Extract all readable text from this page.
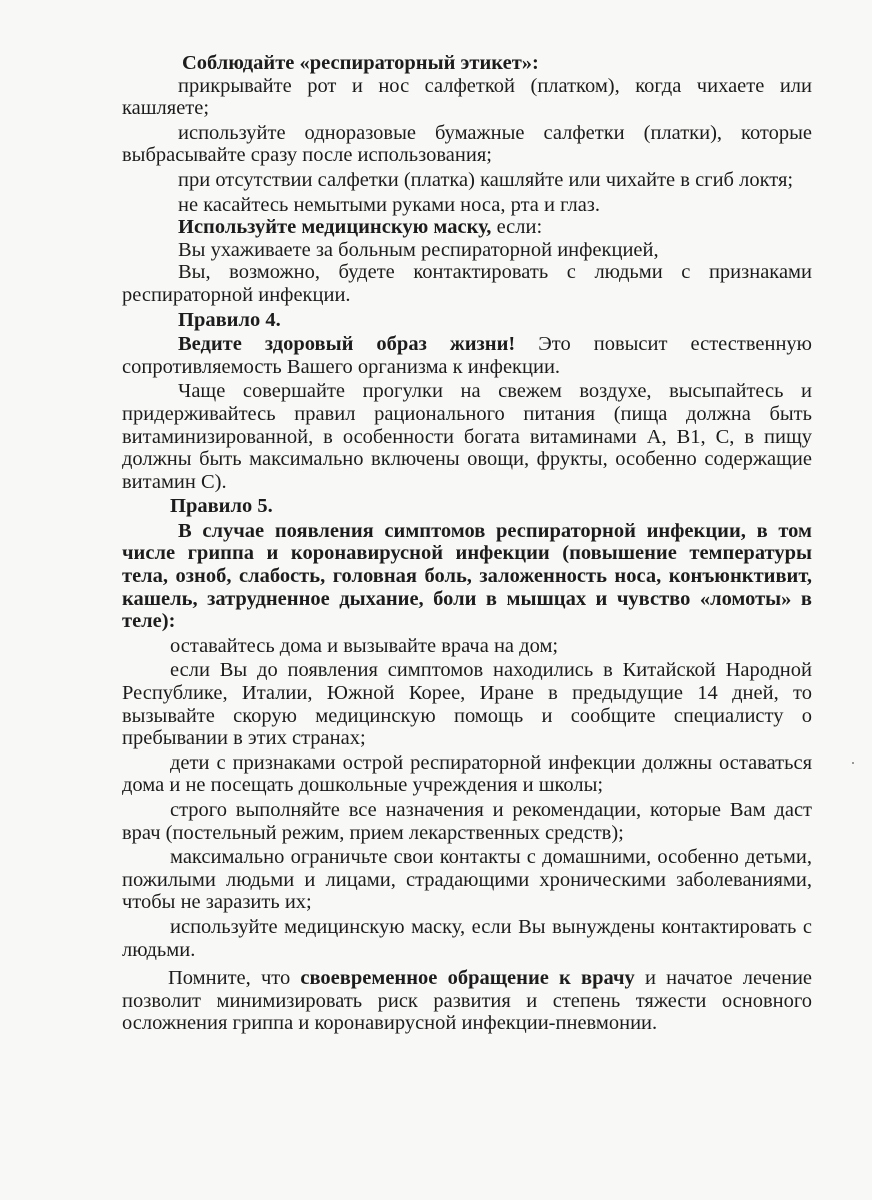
Соблюдайте «респираторный этикет»:

прикрывайте рот и нос салфеткой (платком), когда чихаете или кашляете;

используйте одноразовые бумажные салфетки (платки), которые выбрасывайте сразу после использования;

при отсутствии салфетки (платка) кашляйте или чихайте в сгиб локтя;

не касайтесь немытыми руками носа, рта и глаз.

Используйте медицинскую маску, если:

Вы ухаживаете за больным респираторной инфекцией,

Вы, возможно, будете контактировать с людьми с признаками респираторной инфекции.

Правило 4.

Ведите здоровый образ жизни! Это повысит естественную сопротивляемость Вашего организма к инфекции.

Чаще совершайте прогулки на свежем воздухе, высыпайтесь и придерживайтесь правил рационального питания (пища должна быть витаминизированной, в особенности богата витаминами А, В1, С, в пищу должны быть максимально включены овощи, фрукты, особенно содержащие витамин С).

Правило 5.

В случае появления симптомов респираторной инфекции, в том числе гриппа и коронавирусной инфекции (повышение температуры тела, озноб, слабость, головная боль, заложенность носа, конъюнктивит, кашель, затрудненное дыхание, боли в мышцах и чувство «ломоты» в теле):

оставайтесь дома и вызывайте врача на дом;

если Вы до появления симптомов находились в Китайской Народной Республике, Италии, Южной Корее, Иране в предыдущие 14 дней, то вызывайте скорую медицинскую помощь и сообщите специалисту о пребывании в этих странах;

дети с признаками острой респираторной инфекции должны оставаться дома и не посещать дошкольные учреждения и школы;

строго выполняйте все назначения и рекомендации, которые Вам даст врач (постельный режим, прием лекарственных средств);

максимально ограничьте свои контакты с домашними, особенно детьми, пожилыми людьми и лицами, страдающими хроническими заболеваниями, чтобы не заразить их;

используйте медицинскую маску, если Вы вынуждены контактировать с людьми.

Помните, что своевременное обращение к врачу и начатое лечение позволит минимизировать риск развития и степень тяжести основного осложнения гриппа и коронавирусной инфекции-пневмонии.
